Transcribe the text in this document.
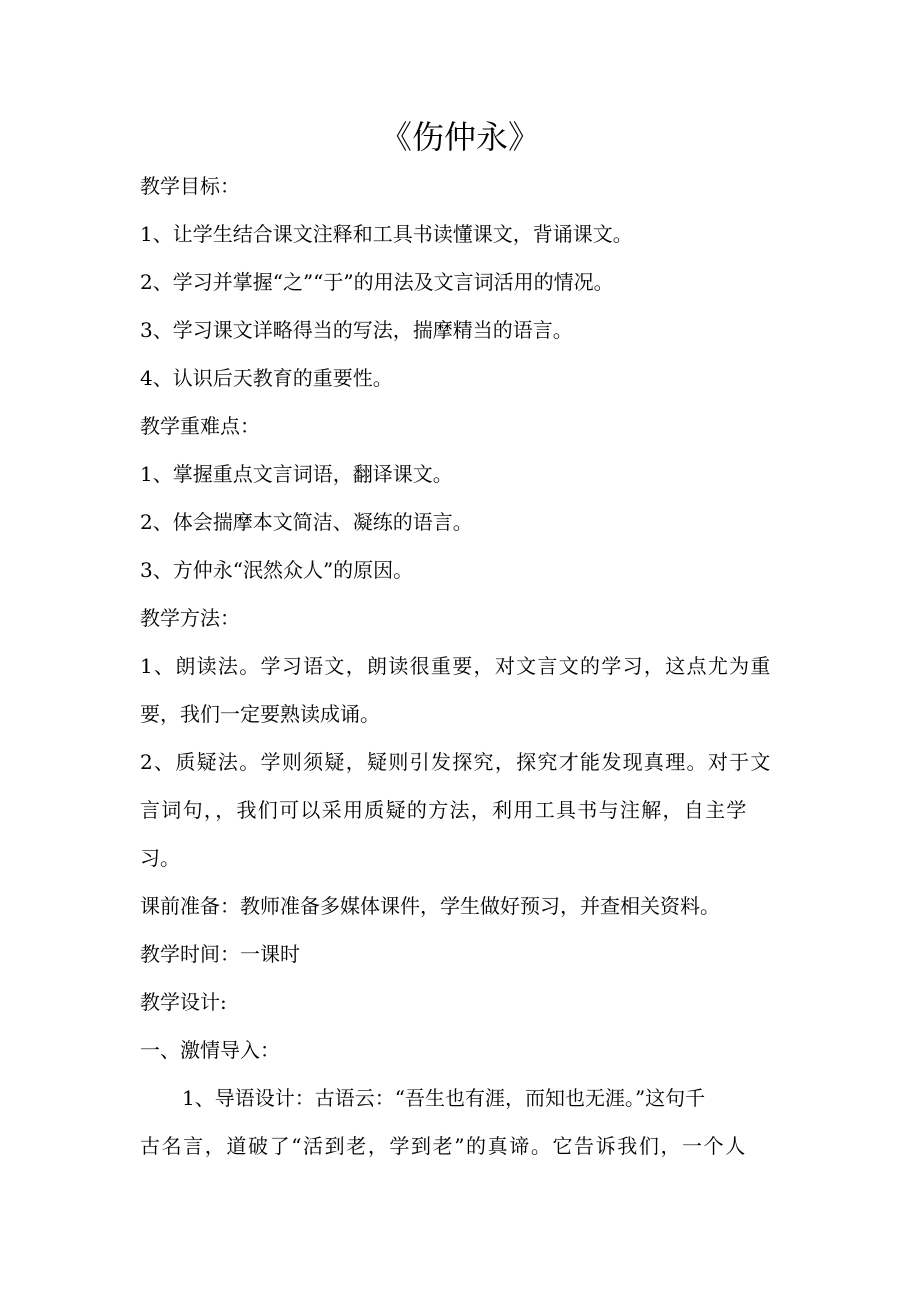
《伤仲永》

教学目标：

1、让学生结合课文注释和工具书读懂课文，背诵课文。

2、学习并掌握“之”“于”的用法及文言词活用的情况。

3、学习课文详略得当的写法，揣摩精当的语言。

4、认识后天教育的重要性。

教学重难点：

1、掌握重点文言词语，翻译课文。

2、体会揣摩本文简洁、凝练的语言。

3、方仲永“泯然众人”的原因。

教学方法：

1、朗读法。学习语文，朗读很重要，对文言文的学习，这点尤为重

要，我们一定要熟读成诵。

2、质疑法。学则须疑，疑则引发探究，探究才能发现真理。对于文

言词句，，我们可以采用质疑的方法，利用工具书与注解，自主学

习。

课前准备：教师准备多媒体课件，学生做好预习，并查相关资料。

教学时间：一课时

教学设计:

一、激情导入：

1、导语设计：古语云：“吾生也有涯，而知也无涯。”这句千

古名言，道破了“活到老，学到老”的真谛。它告诉我们，一个人
